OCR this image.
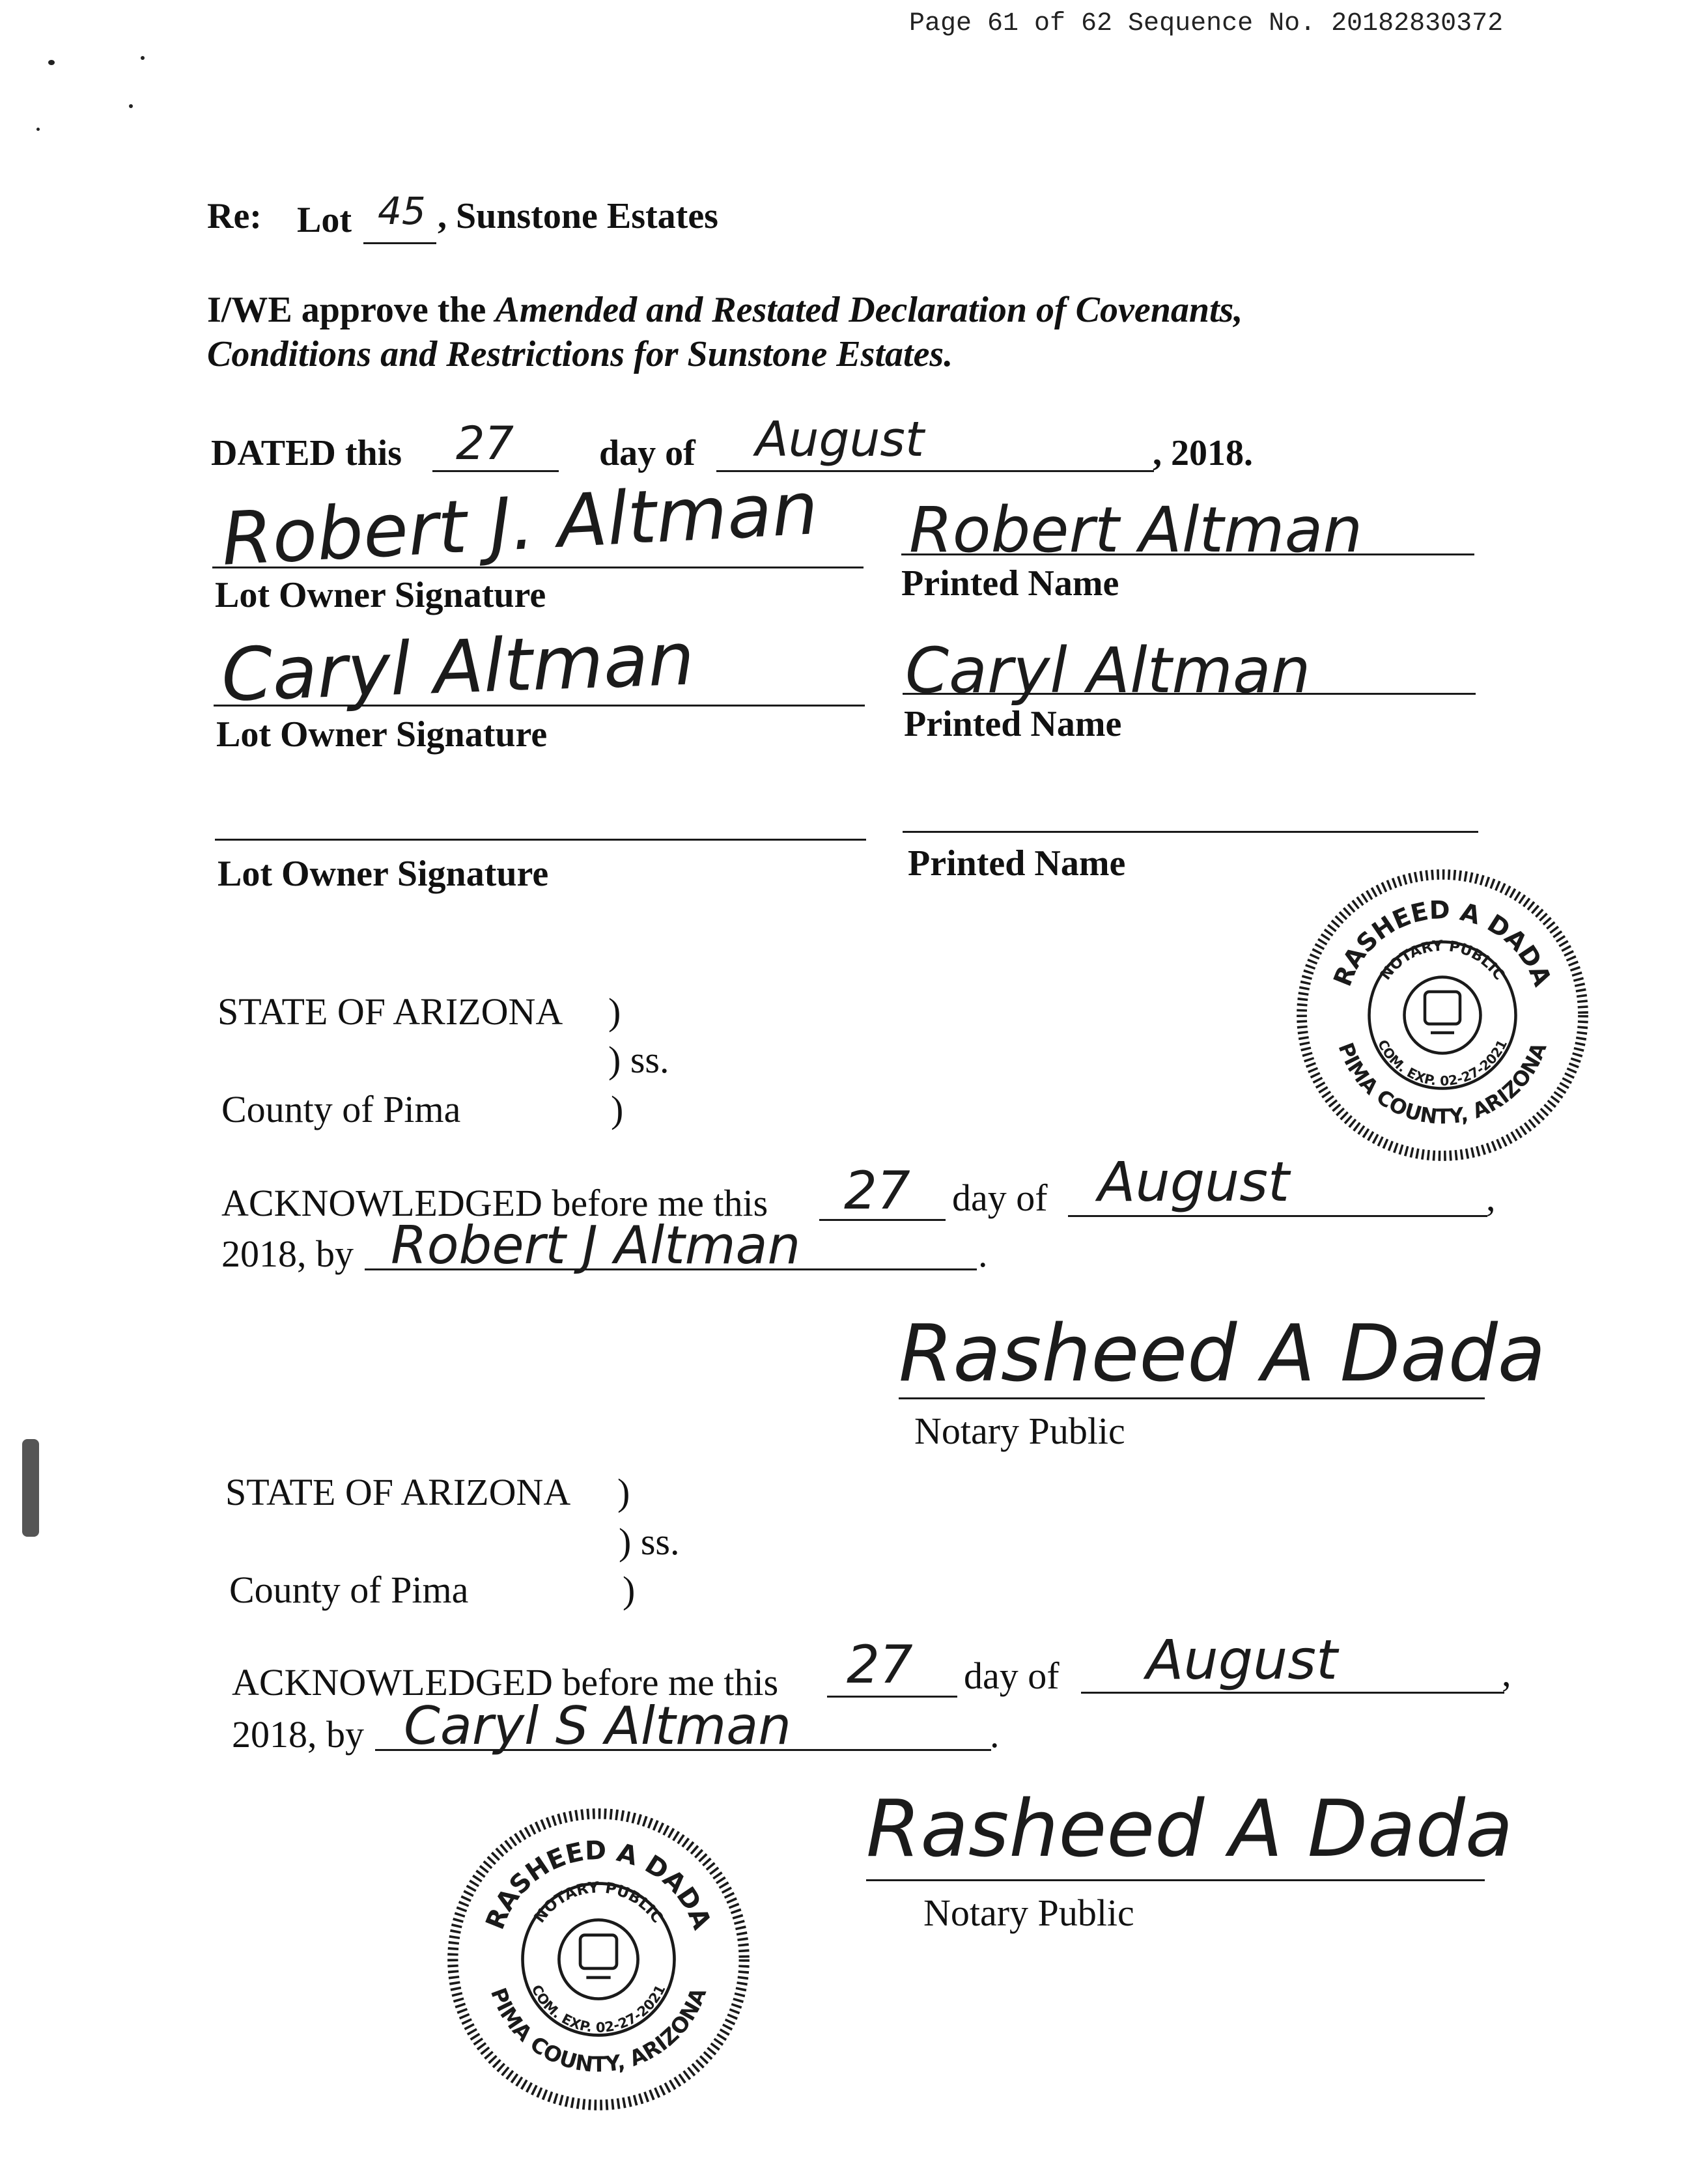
Page 61 of 62 Sequence No. 20182830372
Re: Lot 45 , Sunstone Estates
I/WE approve the Amended and Restated Declaration of Covenants,
Conditions and Restrictions for Sunstone Estates.
DATED this 27 day of August	, 2018.
Robert J. Altman
Lot Owner Signature
Robert Altman
Printed Name
Caryl Altman
Lot Owner Signature
Caryl Altman
Printed Name
Lot Owner Signature	Printed Name
RASHEED A DADA
PIMA COUNTY, ARIZONA
NOTARY PUBLIC
COM. EXP. 02-27-2021
STATE OF ARIZONA )
) ss.
County of Pima	)
ACKNOWLEDGED before me this 27 day of August	,
2018, by Robert J Altman	.
Rasheed A Dada
Notary Public
STATE OF ARIZONA )
) ss.
County of Pima	)
ACKNOWLEDGED before me this 27 day of August	,
2018, by Caryl S Altman	.
Rasheed A Dada
Notary Public
RASHEED A DADA
PIMA COUNTY, ARIZONA
NOTARY PUBLIC
COM. EXP. 02-27-2021
